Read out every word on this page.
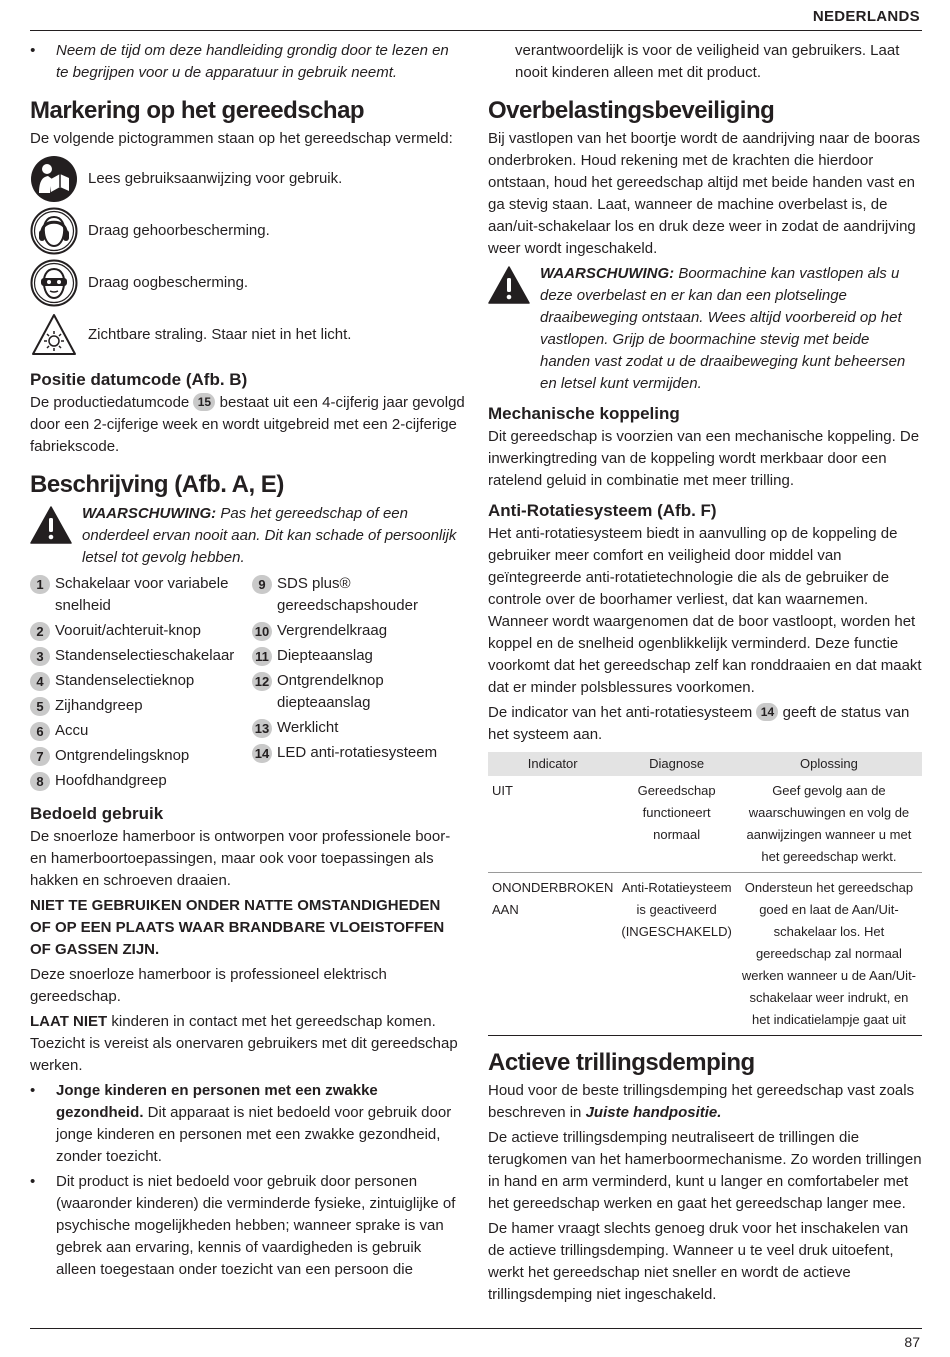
NEDERLANDS
• Neem de tijd om deze handleiding grondig door te lezen en te begrijpen voor u de apparatuur in gebruik neemt.
Markering op het gereedschap

De volgende pictogrammen staan op het gereedschap vermeld:

Lees gebruiksaanwijzing voor gebruik.
Draag gehoorbescherming.
Draag oogbescherming.
Zichtbare straling. Staar niet in het licht.
Positie datumcode (Afb. B)

De productiedatumcode 15 bestaat uit een 4-cijferig jaar gevolgd door een 2-cijferige week en wordt uitgebreid met een 2-cijferige fabriekscode.

Beschrijving (Afb. A, E)

WAARSCHUWING: Pas het gereedschap of een onderdeel ervan nooit aan. Dit kan schade of persoonlijk letsel tot gevolg hebben.

1 Schakelaar voor variabele snelheid
2 Vooruit/achteruit-knop
3 Standenselectieschakelaar
4 Standenselectieknop
5 Zijhandgreep
6 Accu
7 Ontgrendelingsknop
8 Hoofdhandgreep
9 SDS plus® gereedschapshouder
10 Vergrendelkraag
11 Diepteaanslag
12 Ontgrendelknop diepteaanslag
13 Werklicht
14 LED anti-rotatiesysteem
Bedoeld gebruik

De snoerloze hamerboor is ontworpen voor professionele boor- en hamerboortoepassingen, maar ook voor toepassingen als hakken en schroeven draaien.

NIET TE GEBRUIKEN ONDER NATTE OMSTANDIGHEDEN OF OP EEN PLAATS WAAR BRANDBARE VLOEISTOFFEN OF GASSEN ZIJN.

Deze snoerloze hamerboor is professioneel elektrisch gereedschap.

LAAT NIET kinderen in contact met het gereedschap komen. Toezicht is vereist als onervaren gebruikers met dit gereedschap werken.

• Jonge kinderen en personen met een zwakke gezondheid. Dit apparaat is niet bedoeld voor gebruik door jonge kinderen en personen met een zwakke gezondheid, zonder toezicht.
• Dit product is niet bedoeld voor gebruik door personen (waaronder kinderen) die verminderde fysieke, zintuiglijke of psychische mogelijkheden hebben; wanneer sprake is van gebrek aan ervaring, kennis of vaardigheden is gebruik alleen toegestaan onder toezicht van een persoon die

verantwoordelijk is voor de veiligheid van gebruikers. Laat nooit kinderen alleen met dit product.

Overbelastingsbeveiliging

Bij vastlopen van het boortje wordt de aandrijving naar de booras onderbroken. Houd rekening met de krachten die hierdoor ontstaan, houd het gereedschap altijd met beide handen vast en ga stevig staan. Laat, wanneer de machine overbelast is, de aan/uit-schakelaar los en druk deze weer in zodat de aandrijving weer wordt ingeschakeld.

WAARSCHUWING: Boormachine kan vastlopen als u deze overbelast en er kan dan een plotselinge draaibeweging ontstaan. Wees altijd voorbereid op het vastlopen. Grijp de boormachine stevig met beide handen vast zodat u de draaibeweging kunt beheersen en letsel kunt vermijden.

Mechanische koppeling

Dit gereedschap is voorzien van een mechanische koppeling. De inwerkingtreding van de koppeling wordt merkbaar door een ratelend geluid in combinatie met meer trilling.

Anti-Rotatiesysteem (Afb. F)

Het anti-rotatiesysteem biedt in aanvulling op de koppeling de gebruiker meer comfort en veiligheid door middel van geïntegreerde anti-rotatietechnologie die als de gebruiker de controle over de boorhamer verliest, dat kan waarnemen. Wanneer wordt waargenomen dat de boor vastloopt, worden het koppel en de snelheid ogenblikkelijk verminderd. Deze functie voorkomt dat het gereedschap zelf kan ronddraaien en dat maakt dat er minder polsblessures voorkomen.

De indicator van het anti-rotatiesysteem 14 geeft de status van het systeem aan.

Indicator	Diagnose	Oplossing
UIT	Gereedschap functioneert normaal	Geef gevolg aan de waarschuwingen en volg de aanwijzingen wanneer u met het gereedschap werkt.
ONONDERBROKEN AAN	Anti-Rotatieysteem is geactiveerd (INGESCHAKELD)	Ondersteun het gereedschap goed en laat de Aan/Uit-schakelaar los. Het gereedschap zal normaal werken wanneer u de Aan/Uit-schakelaar weer indrukt, en het indicatielampje gaat uit
Actieve trillingsdemping

Houd voor de beste trillingsdemping het gereedschap vast zoals beschreven in Juiste handpositie.

De actieve trillingsdemping neutraliseert de trillingen die terugkomen van het hamerboormechanisme. Zo worden trillingen in hand en arm verminderd, kunt u langer en comfortabeler met het gereedschap werken en gaat het gereedschap langer mee.

De hamer vraagt slechts genoeg druk voor het inschakelen van de actieve trillingsdemping. Wanneer u te veel druk uitoefent, werkt het gereedschap niet sneller en wordt de actieve trillingsdemping niet ingeschakeld.

87
